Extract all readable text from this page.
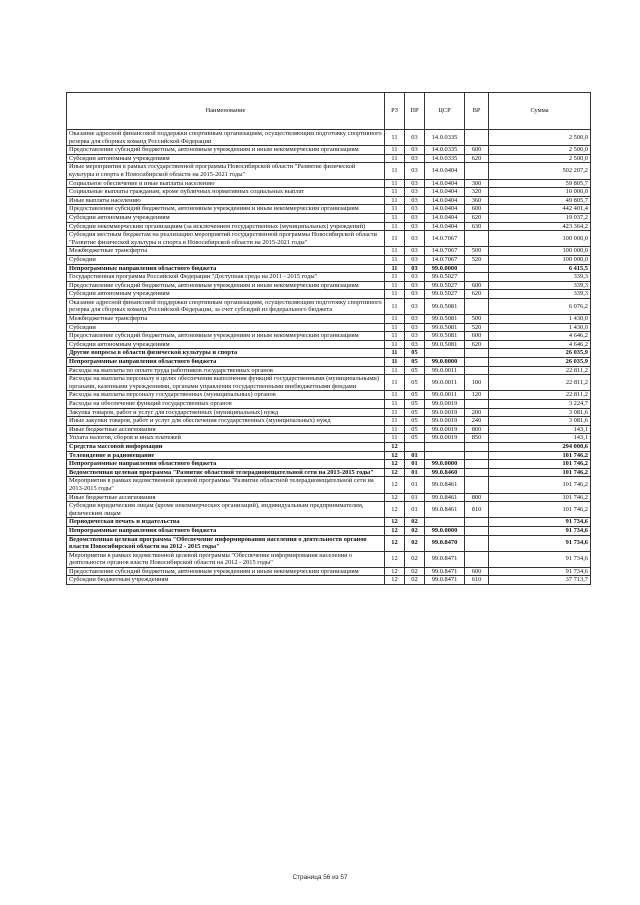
Наименование	РЗ	ПР	ЦСР	ВР	Сумма
Оказание адресной финансовой поддержки спортивным организациям, осуществляющим подготовку спортивного резерва для сборных команд Российской Федерации	11	03	14.0.0335		2 500,0
Предоставление субсидий бюджетным, автономным учреждениям и иным некоммерческим организациям	11	03	14.0.0335	600	2 500,0
Субсидии автономным учреждениям	11	03	14.0.0335	620	2 500,0
Иные мероприятия в рамках государственной программы Новосибирской области "Развитие физической культуры и спорта в Новосибирской области на 2015-2021 годы"	11	03	14.0.0404		502 207,2
Социальное обеспечение и иные выплаты населению	11	03	14.0.0404	300	59 805,7
Социальные выплаты гражданам, кроме публичных нормативных социальных выплат	11	03	14.0.0404	320	10 000,0
Иные выплаты населению	11	03	14.0.0404	360	49 805,7
Предоставление субсидий бюджетным, автономным учреждениям и иным некоммерческим организациям	11	03	14.0.0404	600	442 401,4
Субсидии автономным учреждениям	11	03	14.0.0404	620	19 037,2
Субсидии некоммерческим организациям (за исключением государственных (муниципальных) учреждений)	11	03	14.0.0404	630	423 364,2
Субсидия местным бюджетам на реализацию мероприятий государственной программы Новосибирской области "Развитие физической культуры и спорта в Новосибирской области на 2015-2021 годы"	11	03	14.0.7067		100 000,0
Межбюджетные трансферты	11	03	14.0.7067	500	100 000,0
Субсидии	11	03	14.0.7067	520	100 000,0
Непрограммные направления областного бюджета	11	03	99.0.0000		6 415,5
Государственная программа Российской Федерации "Доступная среда на 2011 - 2015 годы"	11	03	99.0.5027		339,3
Предоставление субсидий бюджетным, автономным учреждениям и иным некоммерческим организациям	11	03	99.0.5027	600	339,3
Субсидии автономным учреждениям	11	03	99.0.5027	620	339,3
Оказание адресной финансовой поддержки спортивным организациям, осуществляющим подготовку спортивного резерва для сборных команд Российской Федерации, за счет субсидий из федерального бюджета	11	03	99.0.5081		6 076,2
Межбюджетные трансферты	11	03	99.0.5081	500	1 430,0
Субсидии	11	03	99.0.5081	520	1 430,0
Предоставление субсидий бюджетным, автономным учреждениям и иным некоммерческим организациям	11	03	99.0.5081	600	4 646,2
Субсидии автономным учреждениям	11	03	99.0.5081	620	4 646,2
Другие вопросы в области физической культуры и спорта	11	05			26 035,9
Непрограммные направления областного бюджета	11	05	99.0.0000		26 035,9
Расходы на выплаты по оплате труда работников государственных органов	11	05	99.0.0011		22 811,2
Расходы на выплаты персоналу в целях обеспечения выполнения функций государственными (муниципальными) органами, казенными учреждениями, органами управления государственными внебюджетными фондами	11	05	99.0.0011	100	22 811,2
Расходы на выплаты персоналу государственных (муниципальных) органов	11	05	99.0.0011	120	22 811,2
Расходы на обеспечение функций государственных органов	11	05	99.0.0019		3 224,7
Закупка товаров, работ и услуг для государственных (муниципальных) нужд	11	05	99.0.0019	200	3 081,6
Иные закупки товаров, работ и услуг для обеспечения государственных (муниципальных) нужд	11	05	99.0.0019	240	3 081,6
Иные бюджетные ассигнования	11	05	99.0.0019	800	143,1
Уплата налогов, сборов и иных платежей	11	05	99.0.0019	850	143,1
Средства массовой информации	12				294 000,6
Телевидение и радиовещание	12	01			101 746,2
Непрограммные направления областного бюджета	12	01	99.0.0000		101 746,2
Ведомственная целевая программа "Развитие областной телерадиовещательной сети на 2013-2015 годы"	12	01	99.0.8460		101 746,2
Мероприятия в рамках ведомственной целевой программы "Развитие областной телерадиовещательной сети на 2013-2015 годы"	12	01	99.0.8461		101 746,2
Иные бюджетные ассигнования	12	01	99.0.8461	800	101 746,2
Субсидии юридическим лицам (кроме некоммерческих организаций), индивидуальным предпринимателям, физическим лицам	12	01	99.0.8461	810	101 746,2
Периодическая печать и издательства	12	02			91 734,6
Непрограммные направления областного бюджета	12	02	99.0.0000		91 734,6
Ведомственная целевая программа "Обеспечение информирования населения о деятельности органов власти Новосибирской области на 2012 - 2015 годы"	12	02	99.0.8470		91 734,6
Мероприятия в рамках ведомственной целевой программы "Обеспечение информирования населения о деятельности органов власти Новосибирской области на 2012 - 2015 годы"	12	02	99.0.8471		91 734,6
Предоставление субсидий бюджетным, автономным учреждениям и иным некоммерческим организациям	12	02	99.0.8471	600	91 734,6
Субсидии бюджетным учреждениям	12	02	99.0.8471	610	37 713,7
Страница 56 из 57
